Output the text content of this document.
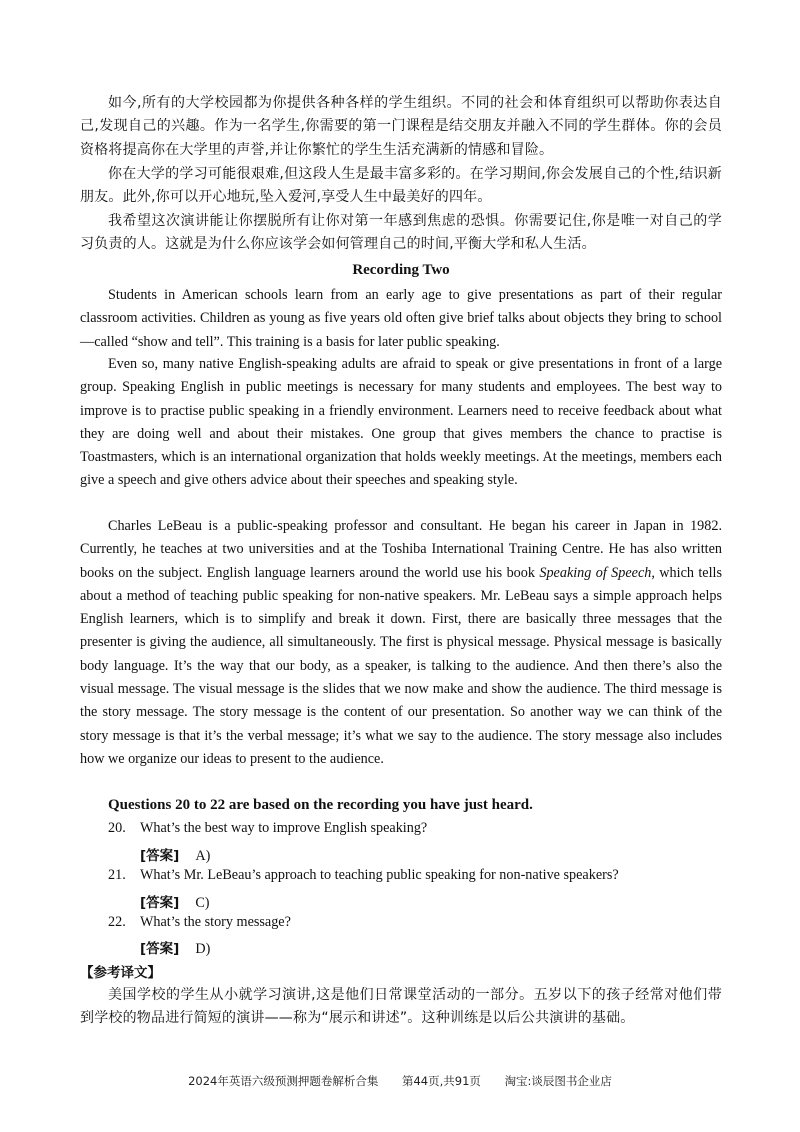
如今,所有的大学校园都为你提供各种各样的学生组织。不同的社会和体育组织可以帮助你表达自己,发现自己的兴趣。作为一名学生,你需要的第一门课程是结交朋友并融入不同的学生群体。你的会员资格将提高你在大学里的声誉,并让你繁忙的学生生活充满新的情感和冒险。

你在大学的学习可能很艰难,但这段人生是最丰富多彩的。在学习期间,你会发展自己的个性,结识新朋友。此外,你可以开心地玩,坠入爱河,享受人生中最美好的四年。

我希望这次演讲能让你摆脱所有让你对第一年感到焦虑的恐惧。你需要记住,你是唯一对自己的学习负责的人。这就是为什么你应该学会如何管理自己的时间,平衡大学和私人生活。

Recording Two

Students in American schools learn from an early age to give presentations as part of their regular classroom activities. Children as young as five years old often give brief talks about objects they bring to school—called “show and tell”. This training is a basis for later public speaking.

Even so, many native English-speaking adults are afraid to speak or give presentations in front of a large group. Speaking English in public meetings is necessary for many students and employees. The best way to improve is to practise public speaking in a friendly environment. Learners need to receive feedback about what they are doing well and about their mistakes. One group that gives members the chance to practise is Toastmasters, which is an international organization that holds weekly meetings. At the meetings, members each give a speech and give others advice about their speeches and speaking style.

Charles LeBeau is a public-speaking professor and consultant. He began his career in Japan in 1982. Currently, he teaches at two universities and at the Toshiba International Training Centre. He has also written books on the subject. English language learners around the world use his book Speaking of Speech, which tells about a method of teaching public speaking for non-native speakers. Mr. LeBeau says a simple approach helps English learners, which is to simplify and break it down. First, there are basically three messages that the presenter is giving the audience, all simultaneously. The first is physical message. Physical message is basically body language. It’s the way that our body, as a speaker, is talking to the audience. And then there’s also the visual message. The visual message is the slides that we now make and show the audience. The third message is the story message. The story message is the content of our presentation. So another way we can think of the story message is that it’s the verbal message; it’s what we say to the audience. The story message also includes how we organize our ideas to present to the audience.

Questions 20 to 22 are based on the recording you have just heard.

20. What’s the best way to improve English speaking?

[答案] A)

21. What’s Mr. LeBeau’s approach to teaching public speaking for non-native speakers?

[答案] C)

22. What’s the story message?

[答案] D)

【参考译文】

美国学校的学生从小就学习演讲,这是他们日常课堂活动的一部分。五岁以下的孩子经常对他们带到学校的物品进行简短的演讲——称为“展示和讲述”。这种训练是以后公共演讲的基础。

2024年英语六级预测押题卷解析合集 第44页,共91页 淘宝:谈辰图书企业店
